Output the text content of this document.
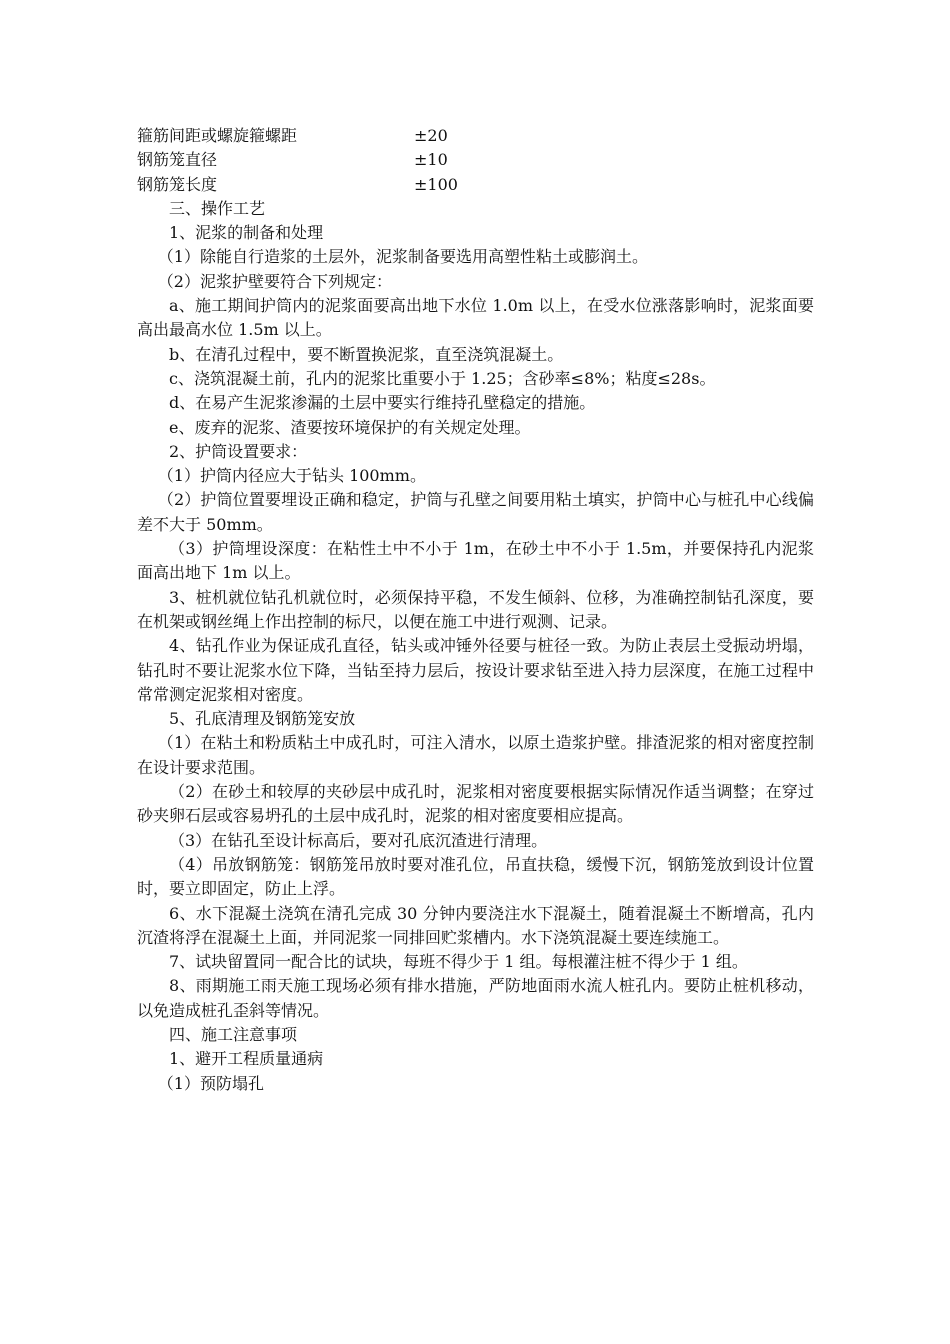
箍筋间距或螺旋箍螺距	±20
钢筋笼直径	±10
钢筋笼长度	±100

三、操作工艺

1、泥浆的制备和处理

（1）除能自行造浆的土层外，泥浆制备要选用高塑性粘土或膨润土。

（2）泥浆护壁要符合下列规定：

a、施工期间护筒内的泥浆面要高出地下水位 1.0m 以上，在受水位涨落影响时，泥浆面要高出最高水位 1.5m 以上。

b、在清孔过程中，要不断置换泥浆，直至浇筑混凝土。

c、浇筑混凝土前，孔内的泥浆比重要小于 1.25；含砂率≤8%；粘度≤28s。

d、在易产生泥浆渗漏的土层中要实行维持孔壁稳定的措施。

e、废弃的泥浆、渣要按环境保护的有关规定处理。

2、护筒设置要求：

（1）护筒内径应大于钻头 100mm。

（2）护筒位置要埋设正确和稳定，护筒与孔壁之间要用粘土填实，护筒中心与桩孔中心线偏差不大于 50mm。

（3）护筒埋设深度：在粘性土中不小于 1m，在砂土中不小于 1.5m，并要保持孔内泥浆面高出地下 1m 以上。

3、桩机就位钻孔机就位时，必须保持平稳，不发生倾斜、位移，为准确控制钻孔深度，要在机架或钢丝绳上作出控制的标尺，以便在施工中进行观测、记录。

4、钻孔作业为保证成孔直径，钻头或冲锤外径要与桩径一致。为防止表层土受振动坍塌，钻孔时不要让泥浆水位下降，当钻至持力层后，按设计要求钻至进入持力层深度，在施工过程中常常测定泥浆相对密度。

5、孔底清理及钢筋笼安放

（1）在粘土和粉质粘土中成孔时，可注入清水，以原土造浆护壁。排渣泥浆的相对密度控制在设计要求范围。

（2）在砂土和较厚的夹砂层中成孔时，泥浆相对密度要根据实际情况作适当调整；在穿过砂夹卵石层或容易坍孔的土层中成孔时，泥浆的相对密度要相应提高。

（3）在钻孔至设计标高后，要对孔底沉渣进行清理。

（4）吊放钢筋笼：钢筋笼吊放时要对准孔位，吊直扶稳，缓慢下沉，钢筋笼放到设计位置时，要立即固定，防止上浮。

6、水下混凝土浇筑在清孔完成 30 分钟内要浇注水下混凝土，随着混凝土不断增高，孔内沉渣将浮在混凝土上面，并同泥浆一同排回贮浆槽内。水下浇筑混凝土要连续施工。

7、试块留置同一配合比的试块，每班不得少于 1 组。每根灌注桩不得少于 1 组。

8、雨期施工雨天施工现场必须有排水措施，严防地面雨水流人桩孔内。要防止桩机移动，以免造成桩孔歪斜等情况。

四、施工注意事项

1、避开工程质量通病

（1）预防塌孔
